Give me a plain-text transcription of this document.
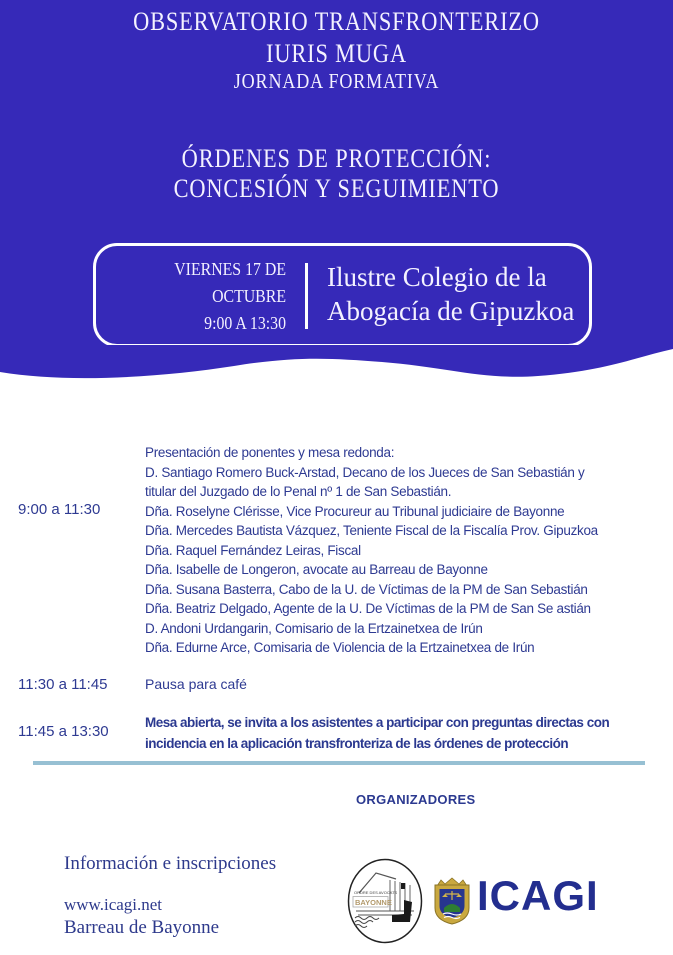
OBSERVATORIO TRANSFRONTERIZO
IURIS MUGA
JORNADA FORMATIVA
ÓRDENES DE PROTECCIÓN:
CONCESIÓN Y SEGUIMIENTO
VIERNES 17 DE
OCTUBRE
9:00 A 13:30
Ilustre Colegio de la
Abogacía de Gipuzkoa
9:00 a 11:30
Presentación de ponentes y mesa redonda:
D. Santiago Romero Buck-Arstad, Decano de los Jueces de San Sebastián y
titular del Juzgado de lo Penal nº 1 de San Sebastián.
Dña. Roselyne Clérisse, Vice Procureur au Tribunal judiciaire de Bayonne
Dña. Mercedes Bautista Vázquez, Teniente Fiscal de la Fiscalía Prov. Gipuzkoa
Dña. Raquel Fernández Leiras, Fiscal
Dña. Isabelle de Longeron, avocate au Barreau de Bayonne
Dña. Susana Basterra, Cabo de la U. de Víctimas de la PM de San Sebastián
Dña. Beatriz Delgado, Agente de la U. De Víctimas de la PM de San Se astián
D. Andoni Urdangarin, Comisario de la Ertzainetxea de Irún
Dña. Edurne Arce, Comisaria de Violencia de la Ertzainetxea de Irún
11:30 a 11:45	Pausa para café
11:45 a 13:30
Mesa abierta, se invita a los asistentes a participar con preguntas directas con
incidencia en la aplicación transfronteriza de las órdenes de protección
ORGANIZADORES
Información e inscripciones
www.icagi.net
Barreau de Bayonne
ORDRE DES AVOCATS
BAYONNE ICAGI
